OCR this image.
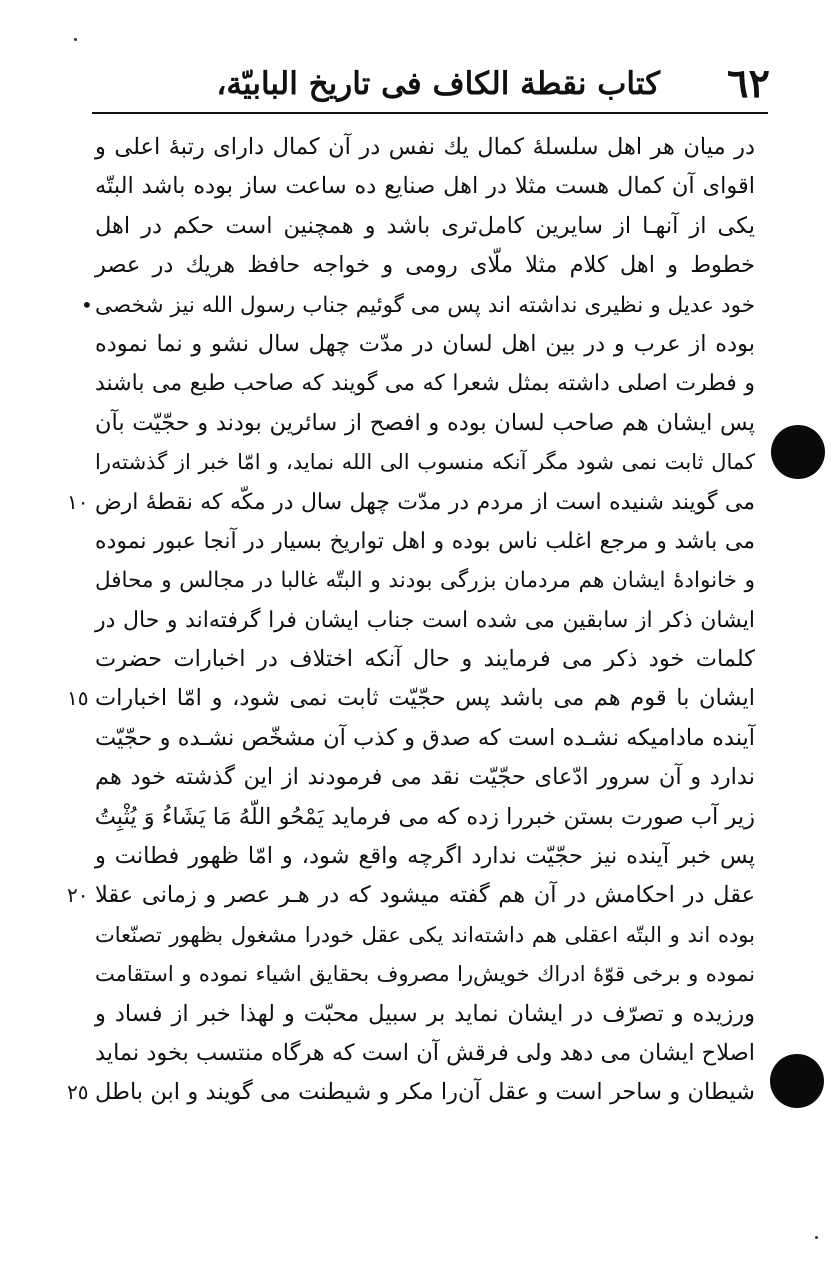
٦٢
کتاب نقطة الکاف فی تاریخ البابیّة،
در میان هر اهل سلسلهٔ کمال یك نفس در آن کمال دارای رتبهٔ اعلی و
اقوای آن کمال هست مثلا در اهل صنایع ده ساعت ساز بوده باشد البتّه
یکی از آنهـا از سایرین کامل‌تری باشد و همچنین است حکم در اهل
خطوط و اهل کلام مثلا ملّای رومی و خواجه حافظ هریك در عصر
خود عدیل و نظیری نداشته اند پس می گوئیم جناب رسول الله نیز شخصی
•
بوده از عرب و در بین اهل لسان در مدّت چهل سال نشو و نما نموده
و فطرت اصلی داشته بمثل شعرا که می گویند که صاحب طبع می باشند
پس ایشان هم صاحب لسان بوده و افصح از سائرین بودند و حجّیّت بآن
کمال ثابت نمی شود مگر آنکه منسوب الی الله نماید، و امّا خبر از گذشته‌را
می گویند شنیده است از مردم در مدّت چهل سال در مکّه که نقطهٔ ارض
١٠
می باشد و مرجع اغلب ناس بوده و اهل تواریخ بسیار در آنجا عبور نموده
و خانوادهٔ ایشان هم مردمان بزرگی بودند و البتّه غالبا در مجالس و محافل
ایشان ذکر از سابقین می شده است جناب ایشان فرا گرفته‌اند و حال در
کلمات خود ذکر می فرمایند و حال آنکه اختلاف در اخبارات حضرت
ایشان با قوم هم می باشد پس حجّیّت ثابت نمی شود، و امّا اخبارات
١٥
آینده مادامیکه نشـده است که صدق و کذب آن مشخّص نشـده و حجّیّت
ندارد و آن سرور ادّعای حجّیّت نقد می فرمودند از این گذشته خود هم
زیر آب صورت بستن خبررا زده که می فرماید یَمْحُو اللّهُ مَا یَشَاءُ وَ یُثْبِتُ
پس خبر آینده نیز حجّیّت ندارد اگرچه واقع شود، و امّا ظهور فطانت و
عقل در احکامش در آن هم گفته میشود که در هـر عصر و زمانی عقلا
٢٠
بوده اند و البتّه اعقلی هم داشته‌اند یکی عقل خودرا مشغول بظهور تصنّعات
نموده و برخی قوّهٔ ادراك خویش‌را مصروف بحقایق اشیاء نموده و استقامت
ورزیده و تصرّف در ایشان نماید بر سبیل محبّت و لهذا خبر از فساد و
اصلاح ایشان می دهد ولی فرقش آن است که هرگاه منتسب بخود نماید
شیطان و ساحر است و عقل آن‌را مکر و شیطنت می گویند و ابن باطل
٢٥
